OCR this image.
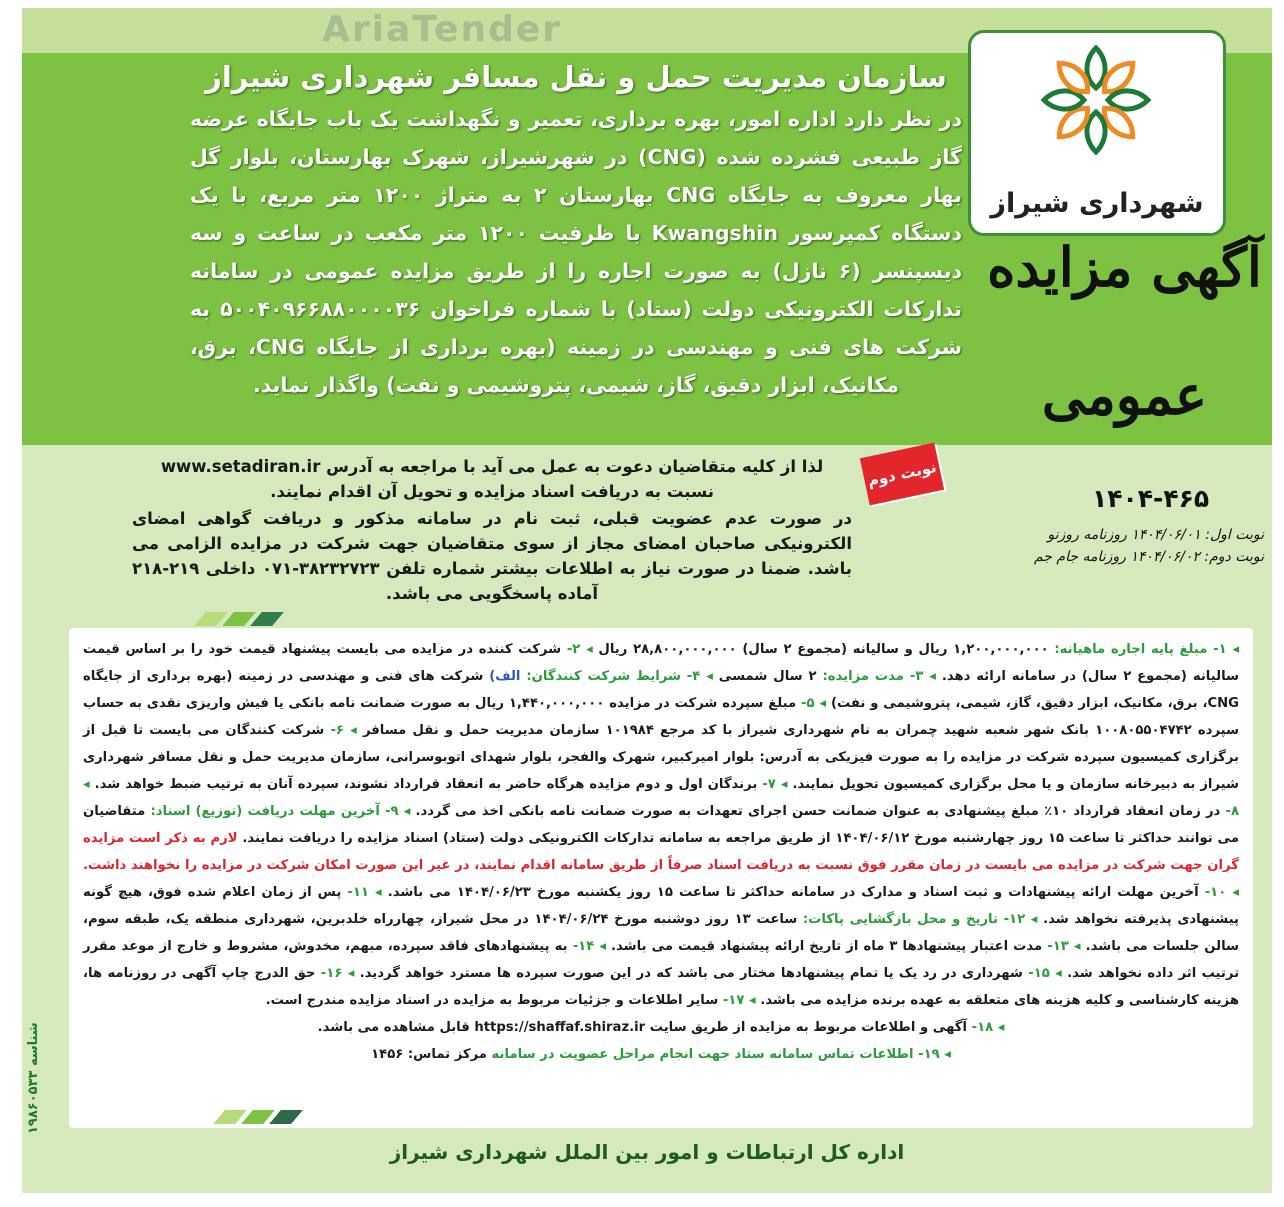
AriaTender
شهرداری شیراز
سازمان مدیریت حمل و نقل مسافر شهرداری شیراز

در نظر دارد اداره امور، بهره برداری، تعمیر و نگهداشت یک باب جایگاه عرضه گاز طبیعی فشرده شده (CNG) در شهرشیراز، شهرک بهارستان، بلوار گل بهار معروف به جایگاه CNG بهارستان ۲ به متراژ ۱۲۰۰ متر مربع، با یک دستگاه کمپرسور Kwangshin با ظرفیت ۱۲۰۰ متر مکعب در ساعت و سه دیسپنسر (۶ نازل) به صورت اجاره را از طریق مزایده عمومی در سامانه تدارکات الکترونیکی دولت (ستاد) با شماره فراخوان ۵۰۰۴۰۹۶۶۸۸۰۰۰۰۳۶ به شرکت های فنی و مهندسی در زمینه (بهره برداری از جایگاه CNG، برق، مکانیک، ابزار دقیق، گاز، شیمی، پتروشیمی و نفت) واگذار نماید.

آگهی مزایده
عمومی
نوبت دوم
۱۴۰۴-۴۶۵
نوبت اول: ۱۴۰۴/۰۶/۰۱ روزنامه روزنو
نوبت دوم: ۱۴۰۴/۰۶/۰۲ روزنامه جام جم

لذا از کلیه متقاضیان دعوت به عمل می آید با مراجعه به آدرس www.setadiran.ir

نسبت به دریافت اسناد مزایده و تحویل آن اقدام نمایند.

در صورت عدم عضویت قبلی، ثبت نام در سامانه مذکور و دریافت گواهی امضای الکترونیکی صاحبان امضای مجاز از سوی متقاضیان جهت شرکت در مزایده الزامی می باشد. ضمنا در صورت نیاز به اطلاعات بیشتر شماره تلفن ۳۸۲۳۲۷۲۳-۰۷۱ داخلی ۲۱۹-۲۱۸ آماده پاسخگویی می باشد.

◂ ۱- مبلغ پایه اجاره ماهیانه: ۱,۲۰۰,۰۰۰,۰۰۰ ریال و سالیانه (مجموع ۲ سال) ۲۸,۸۰۰,۰۰۰,۰۰۰ ریال ◂ ۲- شرکت کننده در مزایده می بایست پیشنهاد قیمت خود را بر اساس قیمت سالیانه (مجموع ۲ سال) در سامانه ارائه دهد. ◂ ۳- مدت مزایده: ۲ سال شمسی ◂ ۴- شرایط شرکت کنندگان: الف) شرکت های فنی و مهندسی در زمینه (بهره برداری از جایگاه CNG، برق، مکانیک، ابزار دقیق، گاز، شیمی، پتروشیمی و نفت) ◂ ۵- مبلغ سپرده شرکت در مزایده ۱,۴۴۰,۰۰۰,۰۰۰ ریال به صورت ضمانت نامه بانکی یا فیش واریزی نقدی به حساب سپرده ۱۰۰۸۰۵۵۰۴۷۴۲ بانک شهر شعبه شهید چمران به نام شهرداری شیراز با کد مرجع ۱۰۱۹۸۴ سازمان مدیریت حمل و نقل مسافر ◂ ۶- شرکت کنندگان می بایست تا قبل از برگزاری کمیسیون سپرده شرکت در مزایده را به صورت فیزیکی به آدرس: بلوار امیرکبیر، شهرک والفجر، بلوار شهدای اتوبوسرانی، سازمان مدیریت حمل و نقل مسافر شهرداری شیراز به دبیرخانه سازمان و یا محل برگزاری کمیسیون تحویل نمایند. ◂ ۷- برندگان اول و دوم مزایده هرگاه حاضر به انعقاد قرارداد نشوند، سپرده آنان به ترتیب ضبط خواهد شد. ◂ ۸- در زمان انعقاد قرارداد ۱۰٪ مبلغ پیشنهادی به عنوان ضمانت حسن اجرای تعهدات به صورت ضمانت نامه بانکی اخذ می گردد. ◂ ۹- آخرین مهلت دریافت (توزیع) اسناد: متقاضیان می توانند حداکثر تا ساعت ۱۵ روز چهارشنبه مورخ ۱۴۰۴/۰۶/۱۲ از طریق مراجعه به سامانه تدارکات الکترونیکی دولت (ستاد) اسناد مزایده را دریافت نمایند. لازم به ذکر است مزایده گران جهت شرکت در مزایده می بایست در زمان مقرر فوق نسبت به دریافت اسناد صرفاً از طریق سامانه اقدام نمایند، در غیر این صورت امکان شرکت در مزایده را نخواهند داشت. ◂ ۱۰- آخرین مهلت ارائه پیشنهادات و ثبت اسناد و مدارک در سامانه حداکثر تا ساعت ۱۵ روز یکشنبه مورخ ۱۴۰۴/۰۶/۲۳ می باشد. ◂ ۱۱- پس از زمان اعلام شده فوق، هیچ گونه پیشنهادی پذیرفته نخواهد شد. ◂ ۱۲- تاریخ و محل بازگشایی پاکات: ساعت ۱۳ روز دوشنبه مورخ ۱۴۰۴/۰۶/۲۴ در محل شیراز، چهارراه خلدبرین، شهرداری منطقه یک، طبقه سوم، سالن جلسات می باشد. ◂ ۱۳- مدت اعتبار پیشنهادها ۳ ماه از تاریخ ارائه پیشنهاد قیمت می باشد. ◂ ۱۴- به پیشنهادهای فاقد سپرده، مبهم، مخدوش، مشروط و خارج از موعد مقرر ترتیب اثر داده نخواهد شد. ◂ ۱۵- شهرداری در رد یک یا تمام پیشنهادها مختار می باشد که در این صورت سپرده ها مسترد خواهد گردید. ◂ ۱۶- حق الدرج چاپ آگهی در روزنامه ها، هزینه کارشناسی و کلیه هزینه های متعلقه به عهده برنده مزایده می باشد. ◂ ۱۷- سایر اطلاعات و جزئیات مربوط به مزایده در اسناد مزایده مندرج است.
◂ ۱۸- آگهی و اطلاعات مربوط به مزایده از طریق سایت https://shaffaf.shiraz.ir قابل مشاهده می باشد.
◂ ۱۹- اطلاعات تماس سامانه ستاد جهت انجام مراحل عضویت در سامانه مرکز تماس: ۱۴۵۶
اداره کل ارتباطات و امور بین الملل شهرداری شیراز
شناسه ۱۹۸۶۰۵۳۳
